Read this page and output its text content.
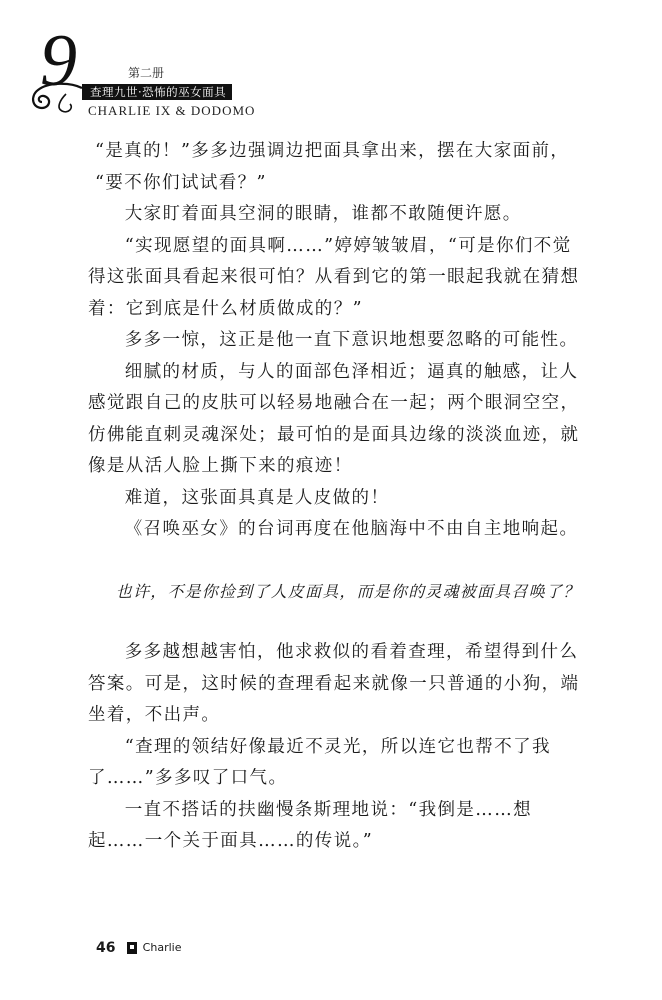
9	第二册
查理九世·恐怖的巫女面具
CHARLIE IX & DODOMO

“是真的！”多多边强调边把面具拿出来，摆在大家面前，

“要不你们试试看？”

大家盯着面具空洞的眼睛，谁都不敢随便许愿。

“实现愿望的面具啊……”婷婷皱皱眉，“可是你们不觉得这张面具看起来很可怕？从看到它的第一眼起我就在猜想着：它到底是什么材质做成的？”

多多一惊，这正是他一直下意识地想要忽略的可能性。

细腻的材质，与人的面部色泽相近；逼真的触感，让人感觉跟自己的皮肤可以轻易地融合在一起；两个眼洞空空，仿佛能直刺灵魂深处；最可怕的是面具边缘的淡淡血迹，就像是从活人脸上撕下来的痕迹！

难道，这张面具真是人皮做的！

《召唤巫女》的台词再度在他脑海中不由自主地响起。

也许，不是你捡到了人皮面具，而是你的灵魂被面具召唤了？

多多越想越害怕，他求救似的看着查理，希望得到什么答案。可是，这时候的查理看起来就像一只普通的小狗，端坐着，不出声。

“查理的领结好像最近不灵光，所以连它也帮不了我了……”多多叹了口气。

一直不搭话的扶幽慢条斯理地说：“我倒是……想起……一个关于面具……的传说。”

46 Charlie
